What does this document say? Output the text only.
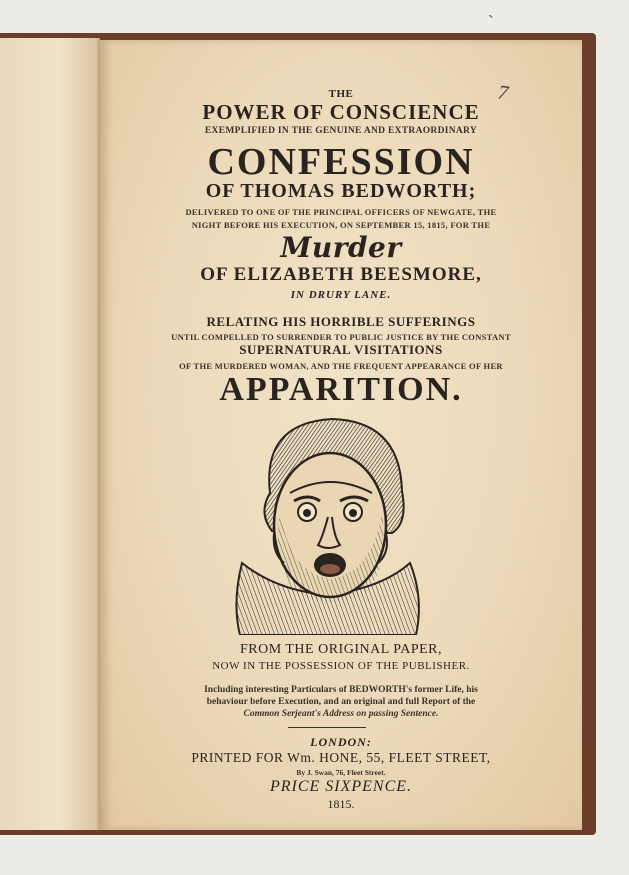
ˋ
7
THE
POWER OF CONSCIENCE
EXEMPLIFIED IN THE GENUINE AND EXTRAORDINARY
CONFESSION
OF THOMAS BEDWORTH;
DELIVERED TO ONE OF THE PRINCIPAL OFFICERS OF NEWGATE, THE
NIGHT BEFORE HIS EXECUTION, ON SEPTEMBER 15, 1815, FOR THE
Murder
OF ELIZABETH BEESMORE,
IN DRURY LANE.
RELATING HIS HORRIBLE SUFFERINGS
UNTIL COMPELLED TO SURRENDER TO PUBLIC JUSTICE BY THE CONSTANT
SUPERNATURAL VISITATIONS
OF THE MURDERED WOMAN, AND THE FREQUENT APPEARANCE OF HER
APPARITION.
FROM THE ORIGINAL PAPER,
NOW IN THE POSSESSION OF THE PUBLISHER.
Including interesting Particulars of BEDWORTH's former Life, his
behaviour before Execution, and an original and full Report of the
Common Serjeant's Address on passing Sentence.
LONDON:
PRINTED FOR Wm. HONE, 55, FLEET STREET,
By J. Swan, 76, Fleet Street.
PRICE SIXPENCE.
1815.
